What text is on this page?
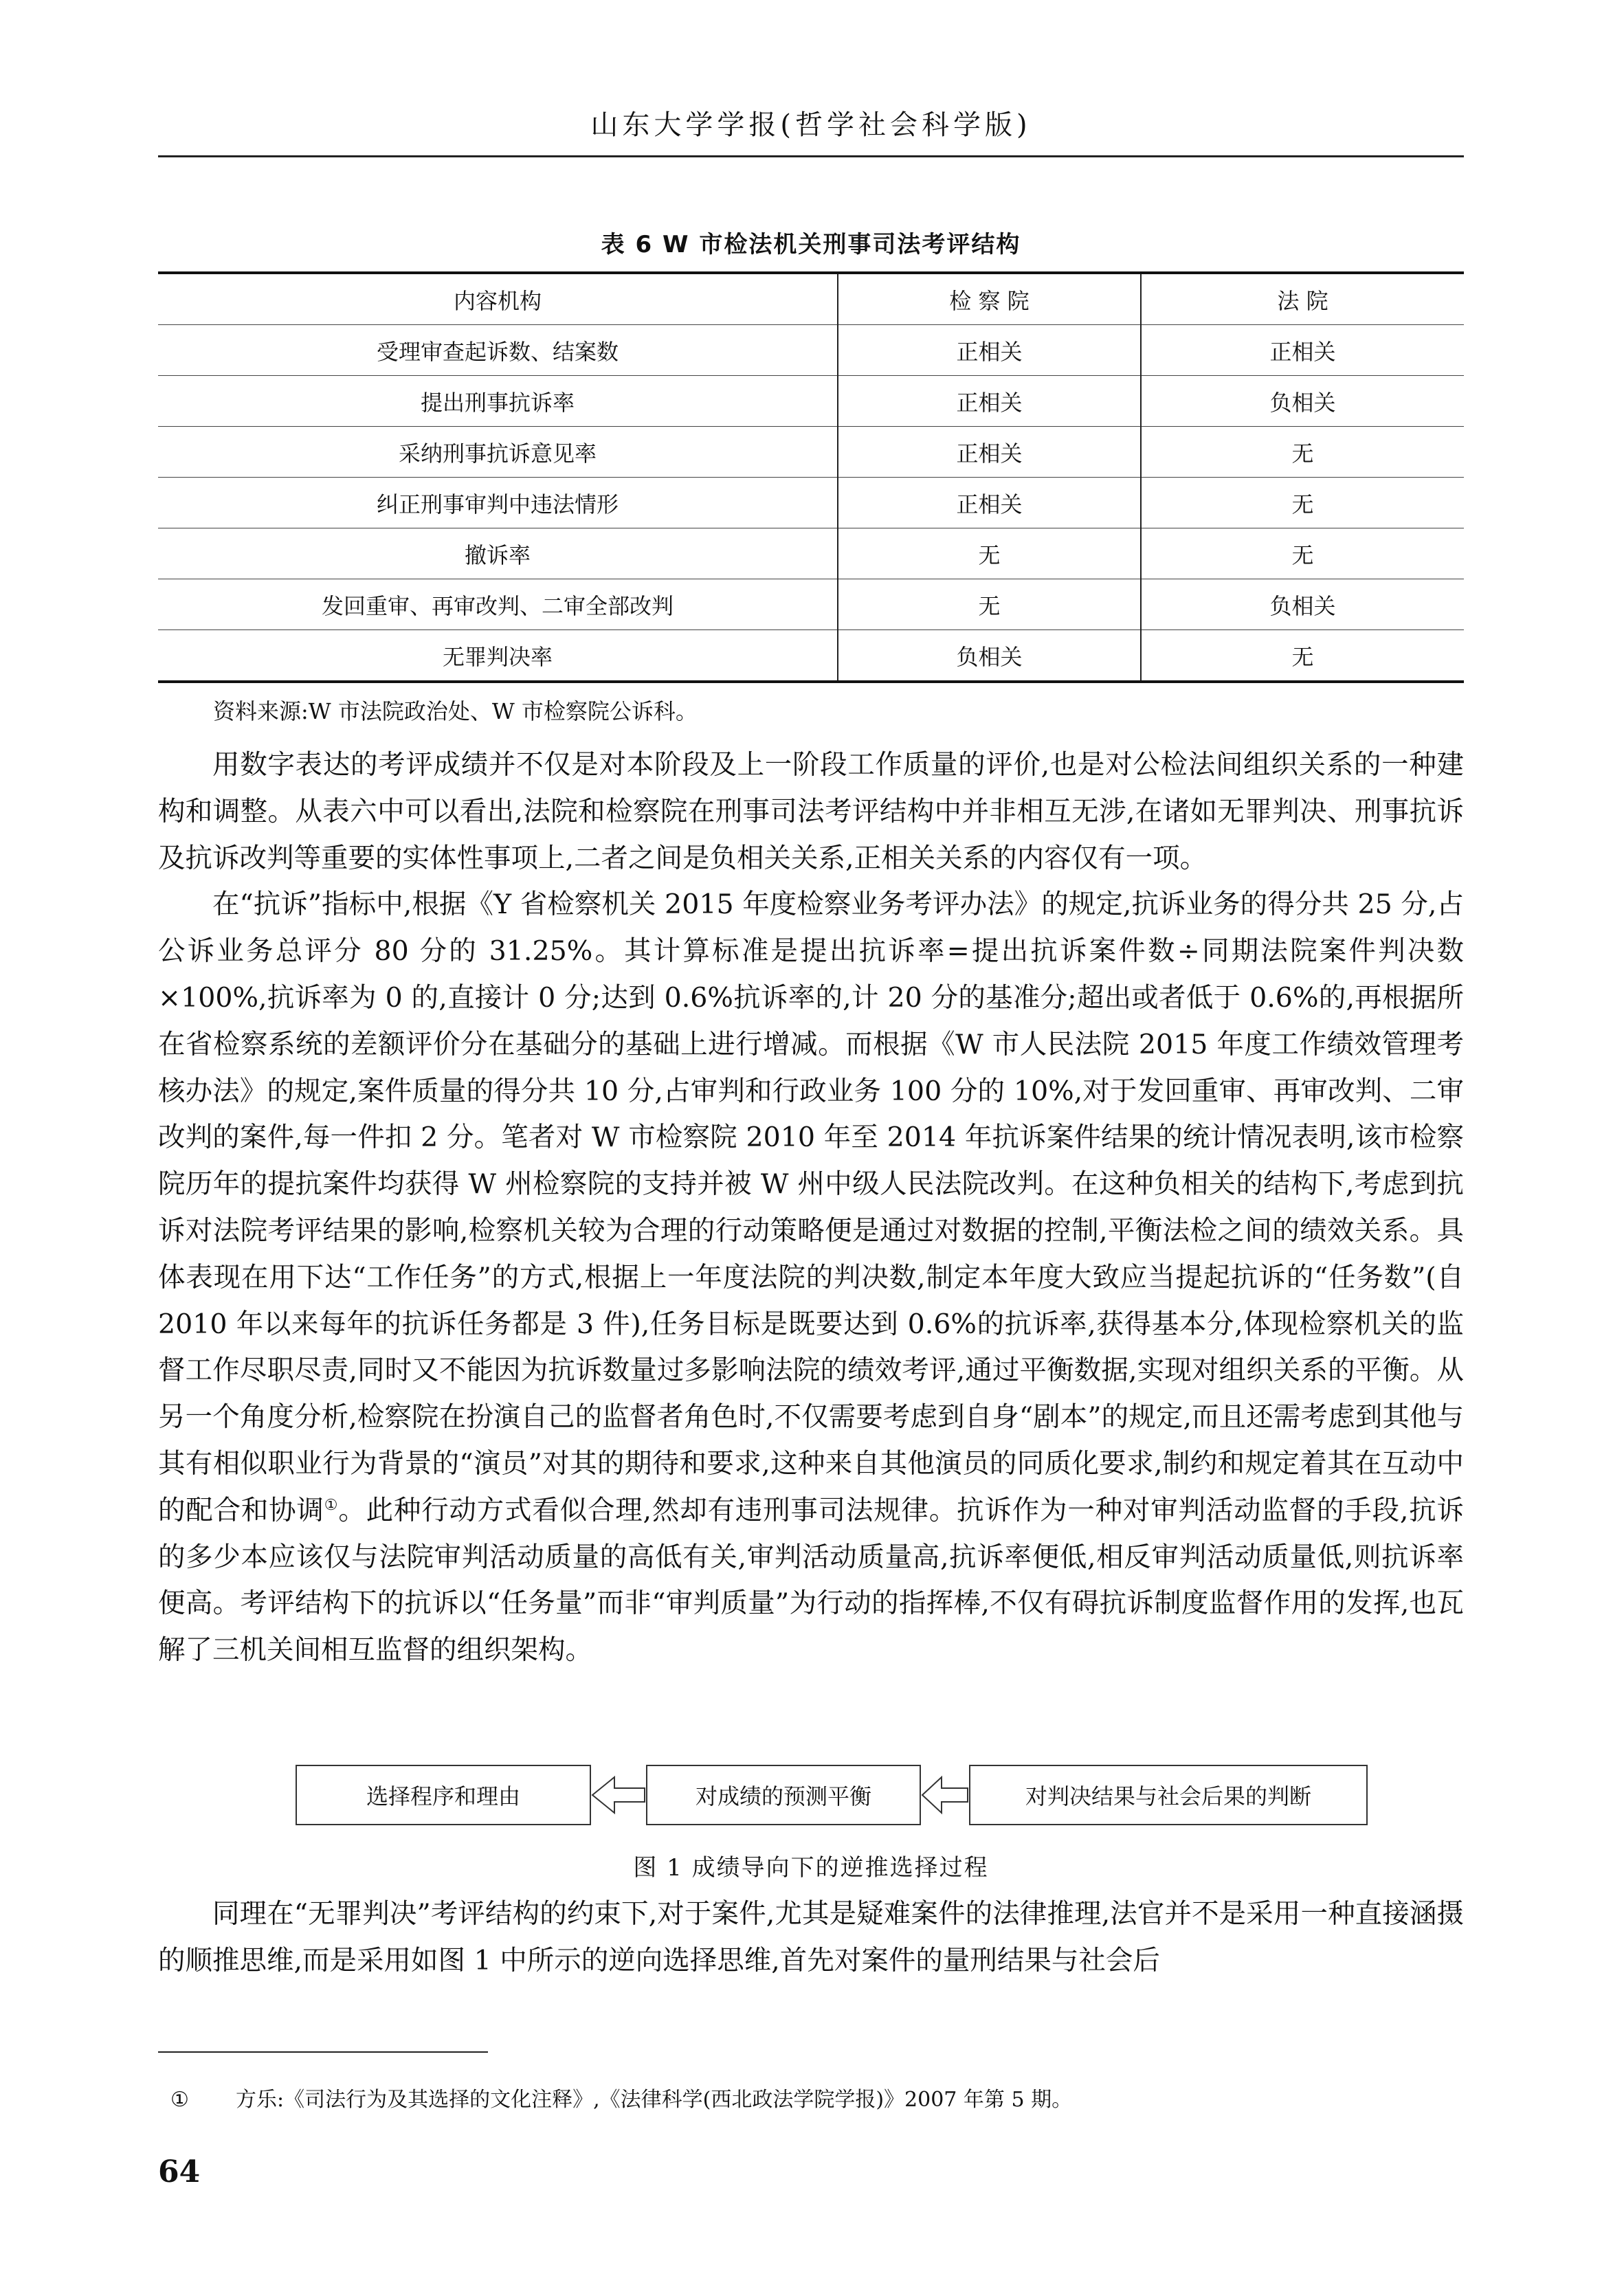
山东大学学报(哲学社会科学版)
表 6 W 市检法机关刑事司法考评结构
内容机构	检 察 院	法 院
受理审查起诉数、结案数	正相关	正相关
提出刑事抗诉率	正相关	负相关
采纳刑事抗诉意见率	正相关	无
纠正刑事审判中违法情形	正相关	无
撤诉率	无	无
发回重审、再审改判、二审全部改判	无	负相关
无罪判决率	负相关	无
资料来源:W 市法院政治处、W 市检察院公诉科。

用数字表达的考评成绩并不仅是对本阶段及上一阶段工作质量的评价,也是对公检法间组织关系的一种建构和调整。从表六中可以看出,法院和检察院在刑事司法考评结构中并非相互无涉,在诸如无罪判决、刑事抗诉及抗诉改判等重要的实体性事项上,二者之间是负相关关系,正相关关系的内容仅有一项。

在“抗诉”指标中,根据《Y 省检察机关 2015 年度检察业务考评办法》的规定,抗诉业务的得分共 25 分,占公诉业务总评分 80 分的 31.25%。其计算标准是提出抗诉率=提出抗诉案件数÷同期法院案件判决数×100%,抗诉率为 0 的,直接计 0 分;达到 0.6%抗诉率的,计 20 分的基准分;超出或者低于 0.6%的,再根据所在省检察系统的差额评价分在基础分的基础上进行增减。而根据《W 市人民法院 2015 年度工作绩效管理考核办法》的规定,案件质量的得分共 10 分,占审判和行政业务 100 分的 10%,对于发回重审、再审改判、二审改判的案件,每一件扣 2 分。笔者对 W 市检察院 2010 年至 2014 年抗诉案件结果的统计情况表明,该市检察院历年的提抗案件均获得 W 州检察院的支持并被 W 州中级人民法院改判。在这种负相关的结构下,考虑到抗诉对法院考评结果的影响,检察机关较为合理的行动策略便是通过对数据的控制,平衡法检之间的绩效关系。具体表现在用下达“工作任务”的方式,根据上一年度法院的判决数,制定本年度大致应当提起抗诉的“任务数”(自 2010 年以来每年的抗诉任务都是 3 件),任务目标是既要达到 0.6%的抗诉率,获得基本分,体现检察机关的监督工作尽职尽责,同时又不能因为抗诉数量过多影响法院的绩效考评,通过平衡数据,实现对组织关系的平衡。从另一个角度分析,检察院在扮演自己的监督者角色时,不仅需要考虑到自身“剧本”的规定,而且还需考虑到其他与其有相似职业行为背景的“演员”对其的期待和要求,这种来自其他演员的同质化要求,制约和规定着其在互动中的配合和协调①。此种行动方式看似合理,然却有违刑事司法规律。抗诉作为一种对审判活动监督的手段,抗诉的多少本应该仅与法院审判活动质量的高低有关,审判活动质量高,抗诉率便低,相反审判活动质量低,则抗诉率便高。考评结构下的抗诉以“任务量”而非“审判质量”为行动的指挥棒,不仅有碍抗诉制度监督作用的发挥,也瓦解了三机关间相互监督的组织架构。

选择程序和理由	对成绩的预测平衡	对判决结果与社会后果的判断
图 1 成绩导向下的逆推选择过程

同理在“无罪判决”考评结构的约束下,对于案件,尤其是疑难案件的法律推理,法官并不是采用一种直接涵摄的顺推思维,而是采用如图 1 中所示的逆向选择思维,首先对案件的量刑结果与社会后

① 方乐:《司法行为及其选择的文化注释》,《法律科学(西北政法学院学报)》2007 年第 5 期。
64
